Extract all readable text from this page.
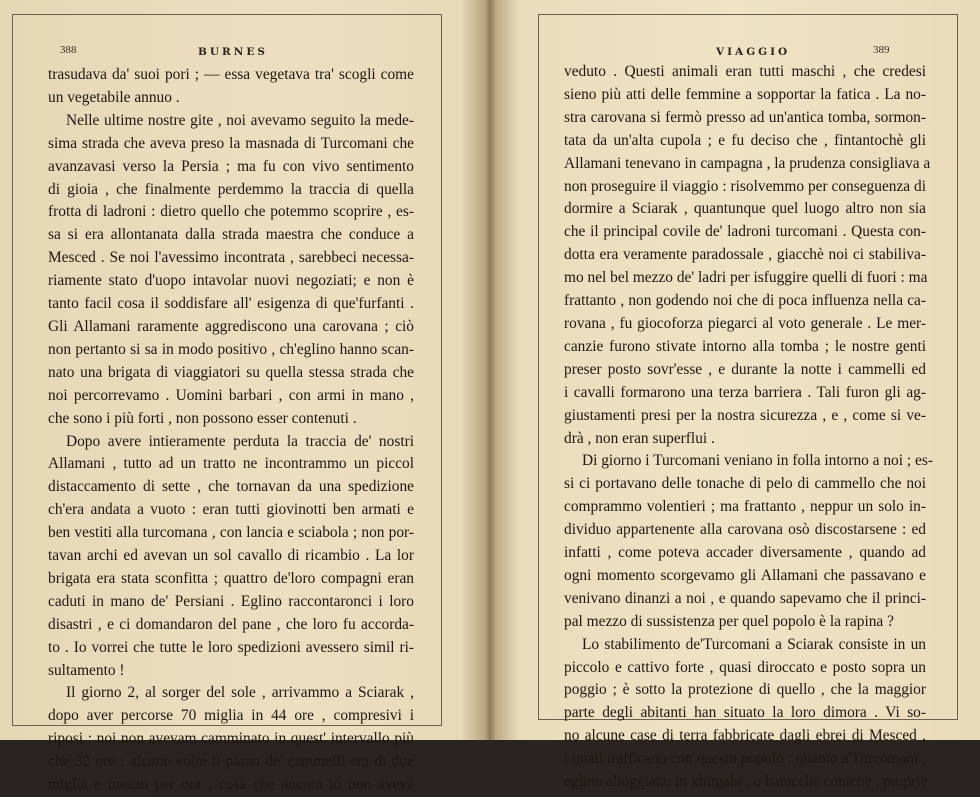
388	BURNES
trasudava da' suoi pori ; — essa vegetava tra' scogli come
un vegetabile annuo .
Nelle ultime nostre gite , noi avevamo seguito la mede-
sima strada che aveva preso la masnada di Turcomani che
avanzavasi verso la Persia ; ma fu con vivo sentimento
di gioia , che finalmente perdemmo la traccia di quella
frotta di ladroni : dietro quello che potemmo scoprire , es-
sa si era allontanata dalla strada maestra che conduce a
Mesced . Se noi l'avessimo incontrata , sarebbeci necessa-
riamente stato d'uopo intavolar nuovi negoziati; e non è
tanto facil cosa il soddisfare all' esigenza di que'furfanti .
Gli Allamani raramente aggrediscono una carovana ; ciò
non pertanto si sa in modo positivo , ch'eglino hanno scan-
nato una brigata di viaggiatori su quella stessa strada che
noi percorrevamo . Uomini barbari , con armi in mano ,
che sono i più forti , non possono esser contenuti .
Dopo avere intieramente perduta la traccia de' nostri
Allamani , tutto ad un tratto ne incontrammo un piccol
distaccamento di sette , che tornavan da una spedizione
ch'era andata a vuoto : eran tutti giovinotti ben armati e
ben vestiti alla turcomana , con lancia e sciabola ; non por-
tavan archi ed avevan un sol cavallo di ricambio . La lor
brigata era stata sconfitta ; quattro de'loro compagni eran
caduti in mano de' Persiani . Eglino raccontaronci i loro
disastri , e ci domandaron del pane , che loro fu accorda-
to . Io vorrei che tutte le loro spedizioni avessero simil ri-
sultamento !
Il giorno 2, al sorger del sole , arrivammo a Sciarak ,
dopo aver percorse 70 miglia in 44 ore , compresivi i
riposi : noi non avevam camminato in quest' intervallo più
che 32 ore : alcune volte il passo de' cammelli era di due
miglia e mezzo per ora , cosa che ancora io non aveva
VIAGGIO	389
veduto . Questi animali eran tutti maschi , che credesi
sieno più atti delle femmine a sopportar la fatica . La no-
stra carovana si fermò presso ad un'antica tomba, sormon-
tata da un'alta cupola ; e fu deciso che , fintantochè gli
Allamani tenevano in campagna , la prudenza consigliava a
non proseguire il viaggio : risolvemmo per conseguenza di
dormire a Sciarak , quantunque quel luogo altro non sia
che il principal covile de' ladroni turcomani . Questa con-
dotta era veramente paradossale , giacchè noi ci stabiliva-
mo nel bel mezzo de' ladri per isfuggire quelli di fuori : ma
frattanto , non godendo noi che di poca influenza nella ca-
rovana , fu giocoforza piegarci al voto generale . Le mer-
canzie furono stivate intorno alla tomba ; le nostre genti
preser posto sovr'esse , e durante la notte i cammelli ed
i cavalli formarono una terza barriera . Tali furon gli ag-
giustamenti presi per la nostra sicurezza , e , come si ve-
drà , non eran superflui .
Di giorno i Turcomani veniano in folla intorno a noi ; es-
si ci portavano delle tonache di pelo di cammello che noi
comprammo volentieri ; ma frattanto , neppur un solo in-
dividuo appartenente alla carovana osò discostarsene : ed
infatti , come poteva accader diversamente , quando ad
ogni momento scorgevamo gli Allamani che passavano e
venivano dinanzi a noi , e quando sapevamo che il princi-
pal mezzo di sussistenza per quel popolo è la rapina ?
Lo stabilimento de'Turcomani a Sciarak consiste in un
piccolo e cattivo forte , quasi diroccato e posto sopra un
poggio ; è sotto la protezione di quello , che la maggior
parte degli abitanti han situato la loro dimora . Vi so-
no alcune case di terra fabbricate dagli ebrei di Mesced ,
i quali trafficano con questo popolo : quanto a'Turcomani ,
eglino alloggiano in khirgahi , o baracche coniche , proprie
